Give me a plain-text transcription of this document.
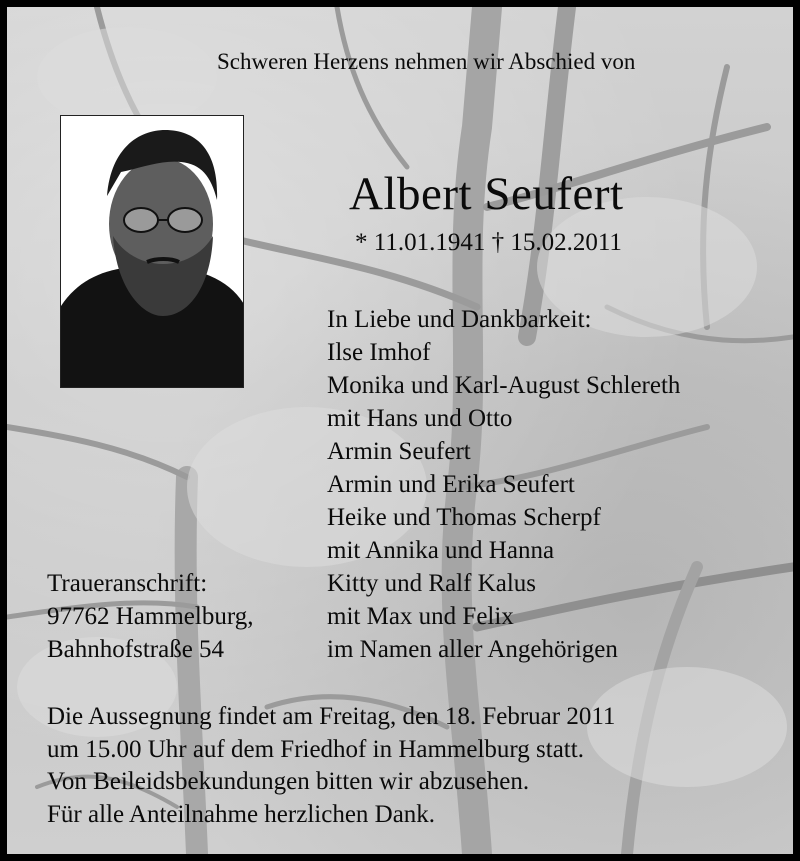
Schweren Herzens nehmen wir Abschied von
Albert Seufert
* 11.01.1941 † 15.02.2011
In Liebe und Dankbarkeit:
Ilse Imhof
Monika und Karl-August Schlereth
mit Hans und Otto
Armin Seufert
Armin und Erika Seufert
Heike und Thomas Scherpf
mit Annika und Hanna
Kitty und Ralf Kalus
mit Max und Felix
im Namen aller Angehörigen
Traueranschrift:
97762 Hammelburg,
Bahnhofstraße 54
Die Aussegnung findet am Freitag, den 18. Februar 2011
um 15.00 Uhr auf dem Friedhof in Hammelburg statt.
Von Beileidsbekundungen bitten wir abzusehen.
Für alle Anteilnahme herzlichen Dank.
